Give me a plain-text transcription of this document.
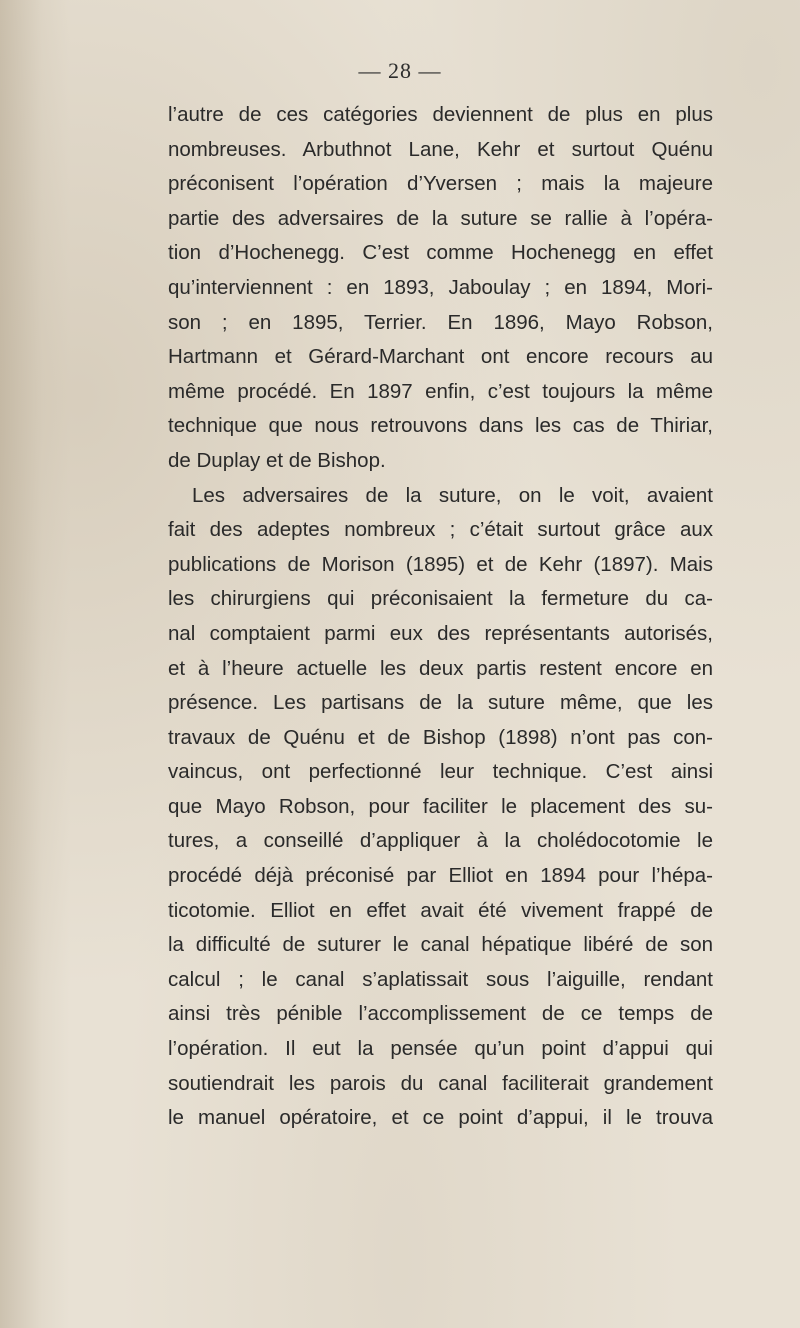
— 28 —
l’autre de ces catégories deviennent de plus en plus
nombreuses. Arbuthnot Lane, Kehr et surtout Quénu
préconisent l’opération d’Yversen ; mais la majeure
partie des adversaires de la suture se rallie à l’opéra-
tion d’Hochenegg. C’est comme Hochenegg en effet
qu’interviennent : en 1893, Jaboulay ; en 1894, Mori-
son ; en 1895, Terrier. En 1896, Mayo Robson,
Hartmann et Gérard-Marchant ont encore recours au
même procédé. En 1897 enfin, c’est toujours la même
technique que nous retrouvons dans les cas de Thiriar,
de Duplay et de Bishop.
Les adversaires de la suture, on le voit, avaient
fait des adeptes nombreux ; c’était surtout grâce aux
publications de Morison (1895) et de Kehr (1897). Mais
les chirurgiens qui préconisaient la fermeture du ca-
nal comptaient parmi eux des représentants autorisés,
et à l’heure actuelle les deux partis restent encore en
présence. Les partisans de la suture même, que les
travaux de Quénu et de Bishop (1898) n’ont pas con-
vaincus, ont perfectionné leur technique. C’est ainsi
que Mayo Robson, pour faciliter le placement des su-
tures, a conseillé d’appliquer à la cholédocotomie le
procédé déjà préconisé par Elliot en 1894 pour l’hépa-
ticotomie. Elliot en effet avait été vivement frappé de
la difficulté de suturer le canal hépatique libéré de son
calcul ; le canal s’aplatissait sous l’aiguille, rendant
ainsi très pénible l’accomplissement de ce temps de
l’opération. Il eut la pensée qu’un point d’appui qui
soutiendrait les parois du canal faciliterait grandement
le manuel opératoire, et ce point d’appui, il le trouva
